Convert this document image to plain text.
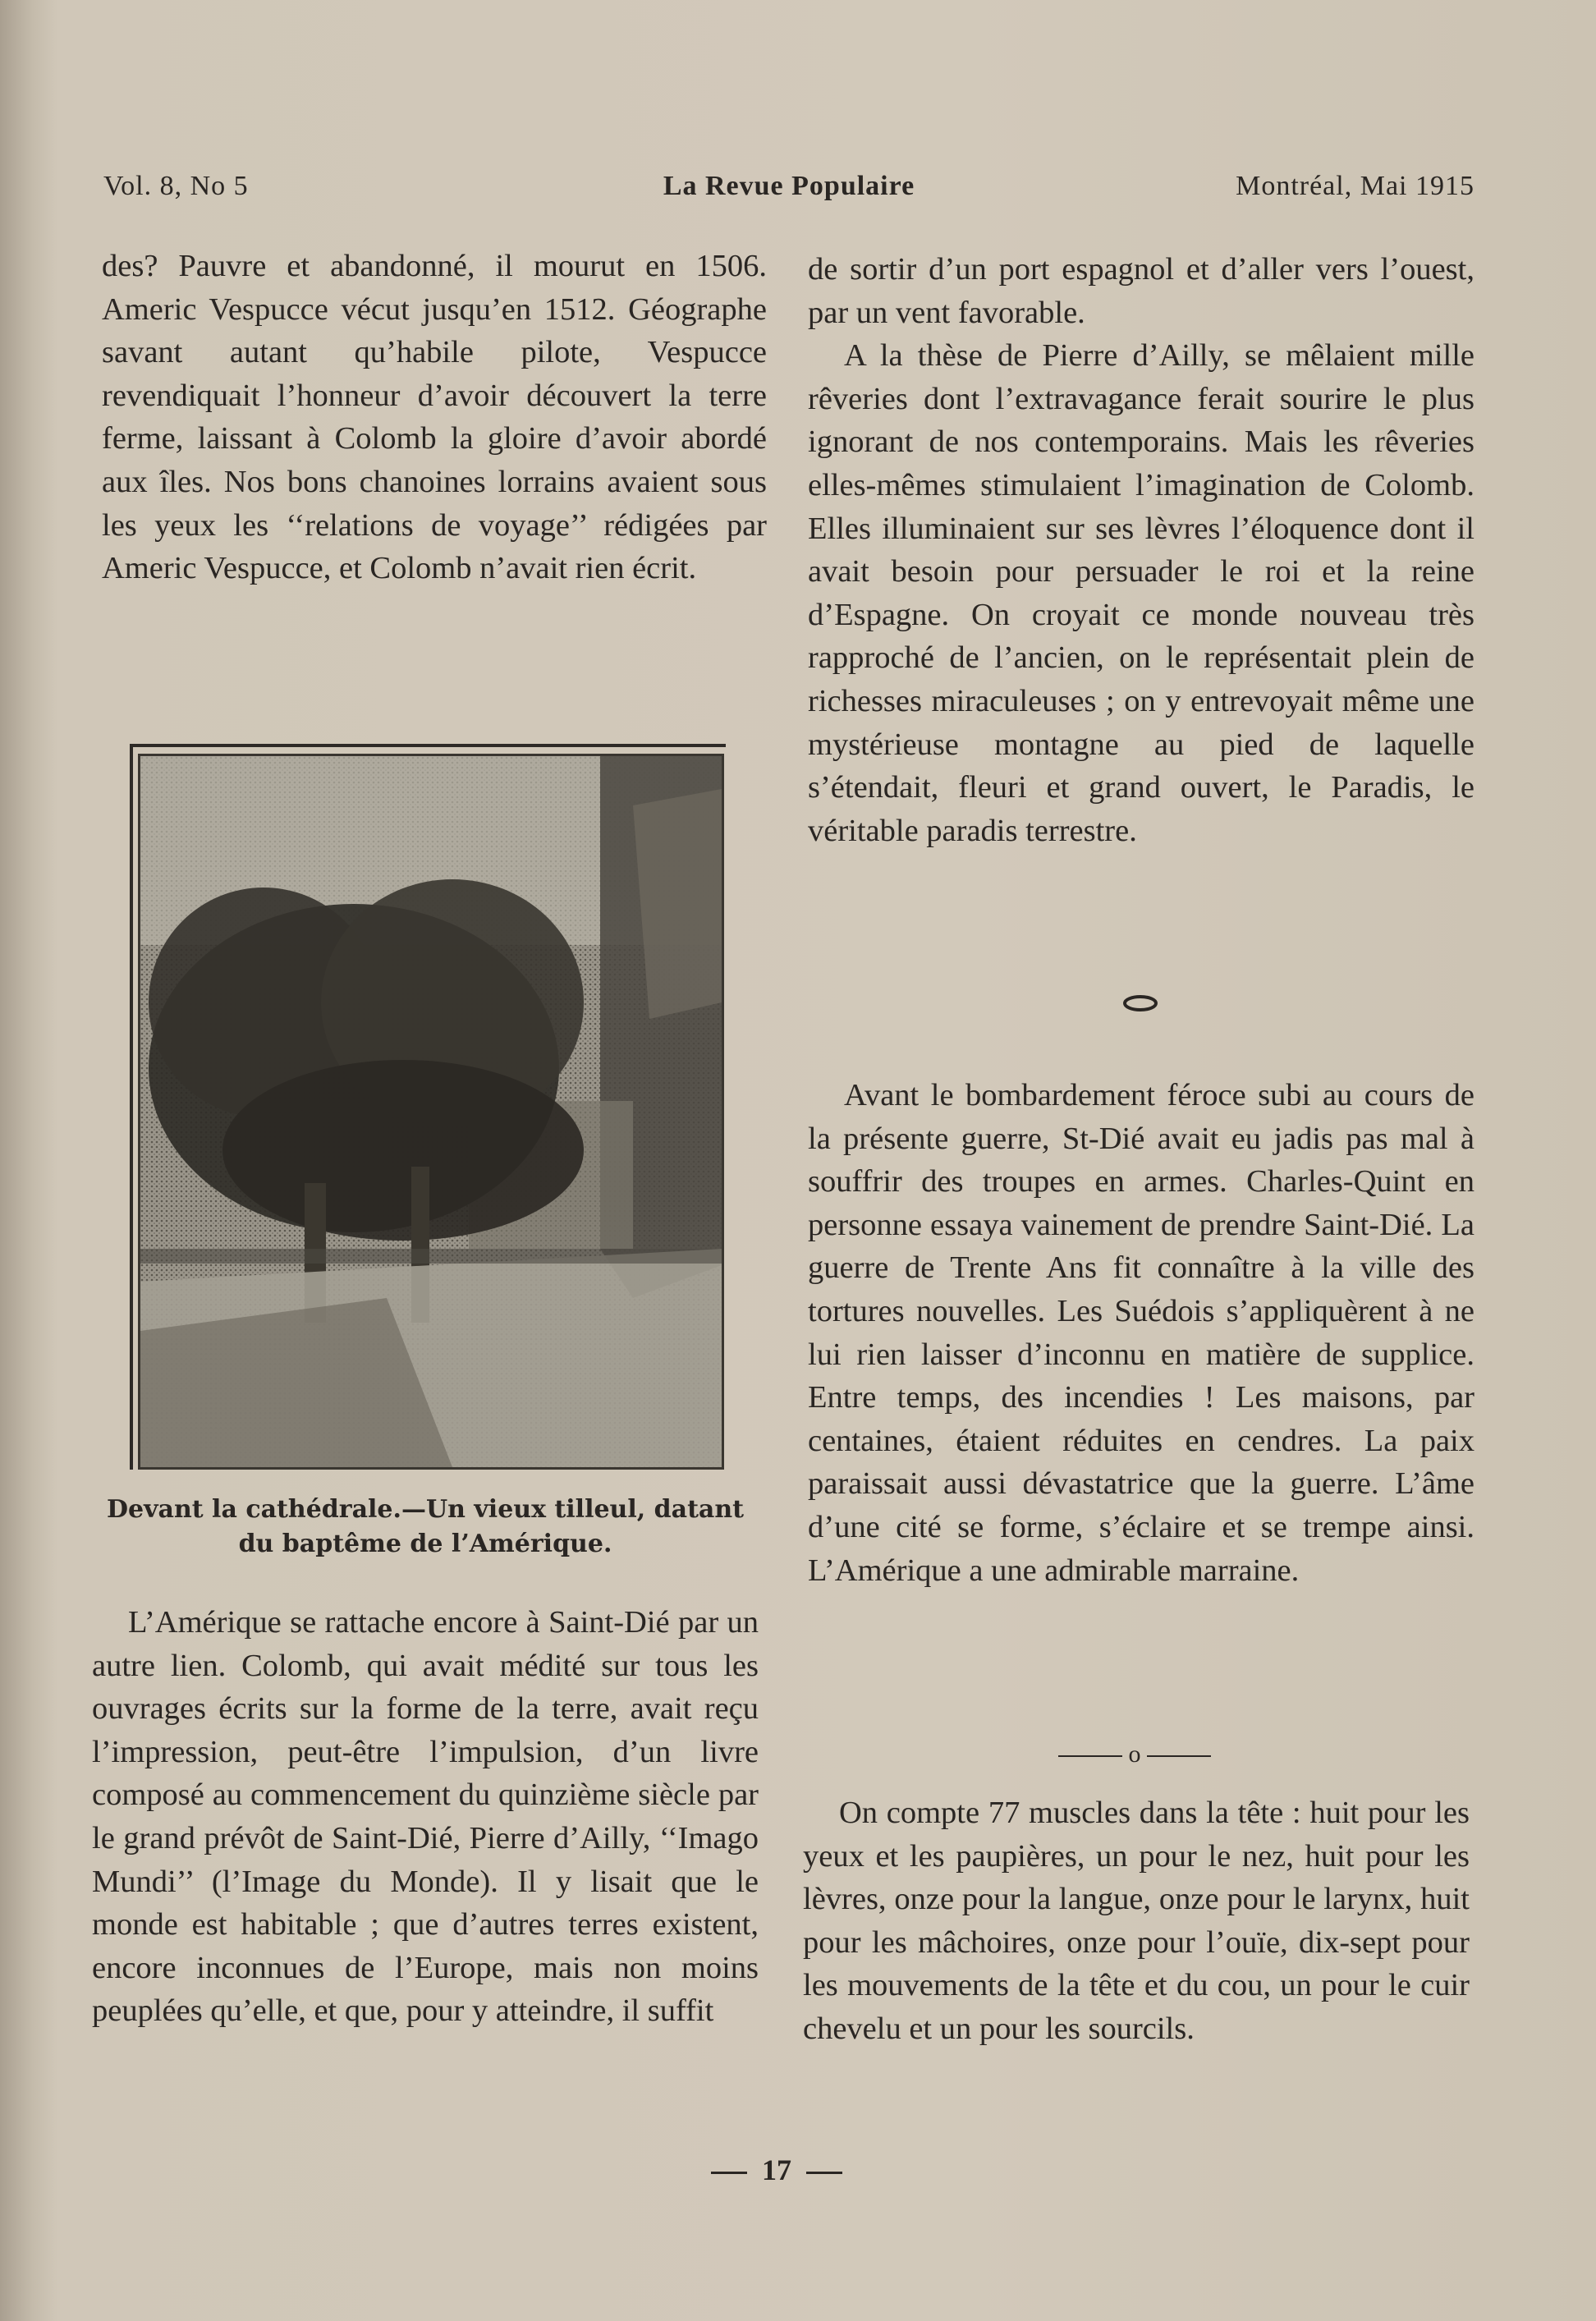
Vol. 8, No 5	La Revue Populaire	Montréal, Mai 1915

des? Pauvre et abandonné, il mourut en 1506. Americ Vespucce vécut jusqu’en 1512. Géographe savant autant qu’habile pilote, Vespucce revendiquait l’honneur d’avoir découvert la terre ferme, laissant à Colomb la gloire d’avoir abordé aux îles. Nos bons chanoines lorrains avaient sous les yeux les ‘‘relations de voyage’’ rédigées par Americ Vespucce, et Colomb n’avait rien écrit.

Devant la cathédrale.—Un vieux tilleul, datant du baptême de l’Amérique.

L’Amérique se rattache encore à Saint-Dié par un autre lien. Colomb, qui avait médité sur tous les ouvrages écrits sur la forme de la terre, avait reçu l’impression, peut-être l’impulsion, d’un livre composé au commencement du quinzième siècle par le grand prévôt de Saint-Dié, Pierre d’Ailly, ‘‘Imago Mundi’’ (l’Image du Monde). Il y lisait que le monde est habitable ; que d’autres terres existent, encore inconnues de l’Europe, mais non moins peuplées qu’elle, et que, pour y atteindre, il suffit

de sortir d’un port espagnol et d’aller vers l’ouest, par un vent favorable.

A la thèse de Pierre d’Ailly, se mêlaient mille rêveries dont l’extravagance ferait sourire le plus ignorant de nos contemporains. Mais les rêveries elles-mêmes stimulaient l’imagination de Colomb. Elles illuminaient sur ses lèvres l’éloquence dont il avait besoin pour persuader le roi et la reine d’Espagne. On croyait ce monde nouveau très rapproché de l’ancien, on le représentait plein de richesses miraculeuses ; on y entrevoyait même une mystérieuse montagne au pied de laquelle s’étendait, fleuri et grand ouvert, le Paradis, le véritable paradis terrestre.

Avant le bombardement féroce subi au cours de la présente guerre, St-Dié avait eu jadis pas mal à souffrir des troupes en armes. Charles-Quint en personne essaya vainement de prendre Saint-Dié. La guerre de Trente Ans fit connaître à la ville des tortures nouvelles. Les Suédois s’appliquèrent à ne lui rien laisser d’inconnu en matière de supplice. Entre temps, des incendies ! Les maisons, par centaines, étaient réduites en cendres. La paix paraissait aussi dévastatrice que la guerre. L’âme d’une cité se forme, s’éclaire et se trempe ainsi. L’Amérique a une admirable marraine.

o

On compte 77 muscles dans la tête : huit pour les yeux et les paupières, un pour le nez, huit pour les lèvres, onze pour la langue, onze pour le larynx, huit pour les mâchoires, onze pour l’ouïe, dix-sept pour les mouvements de la tête et du cou, un pour le cuir chevelu et un pour les sourcils.

17
